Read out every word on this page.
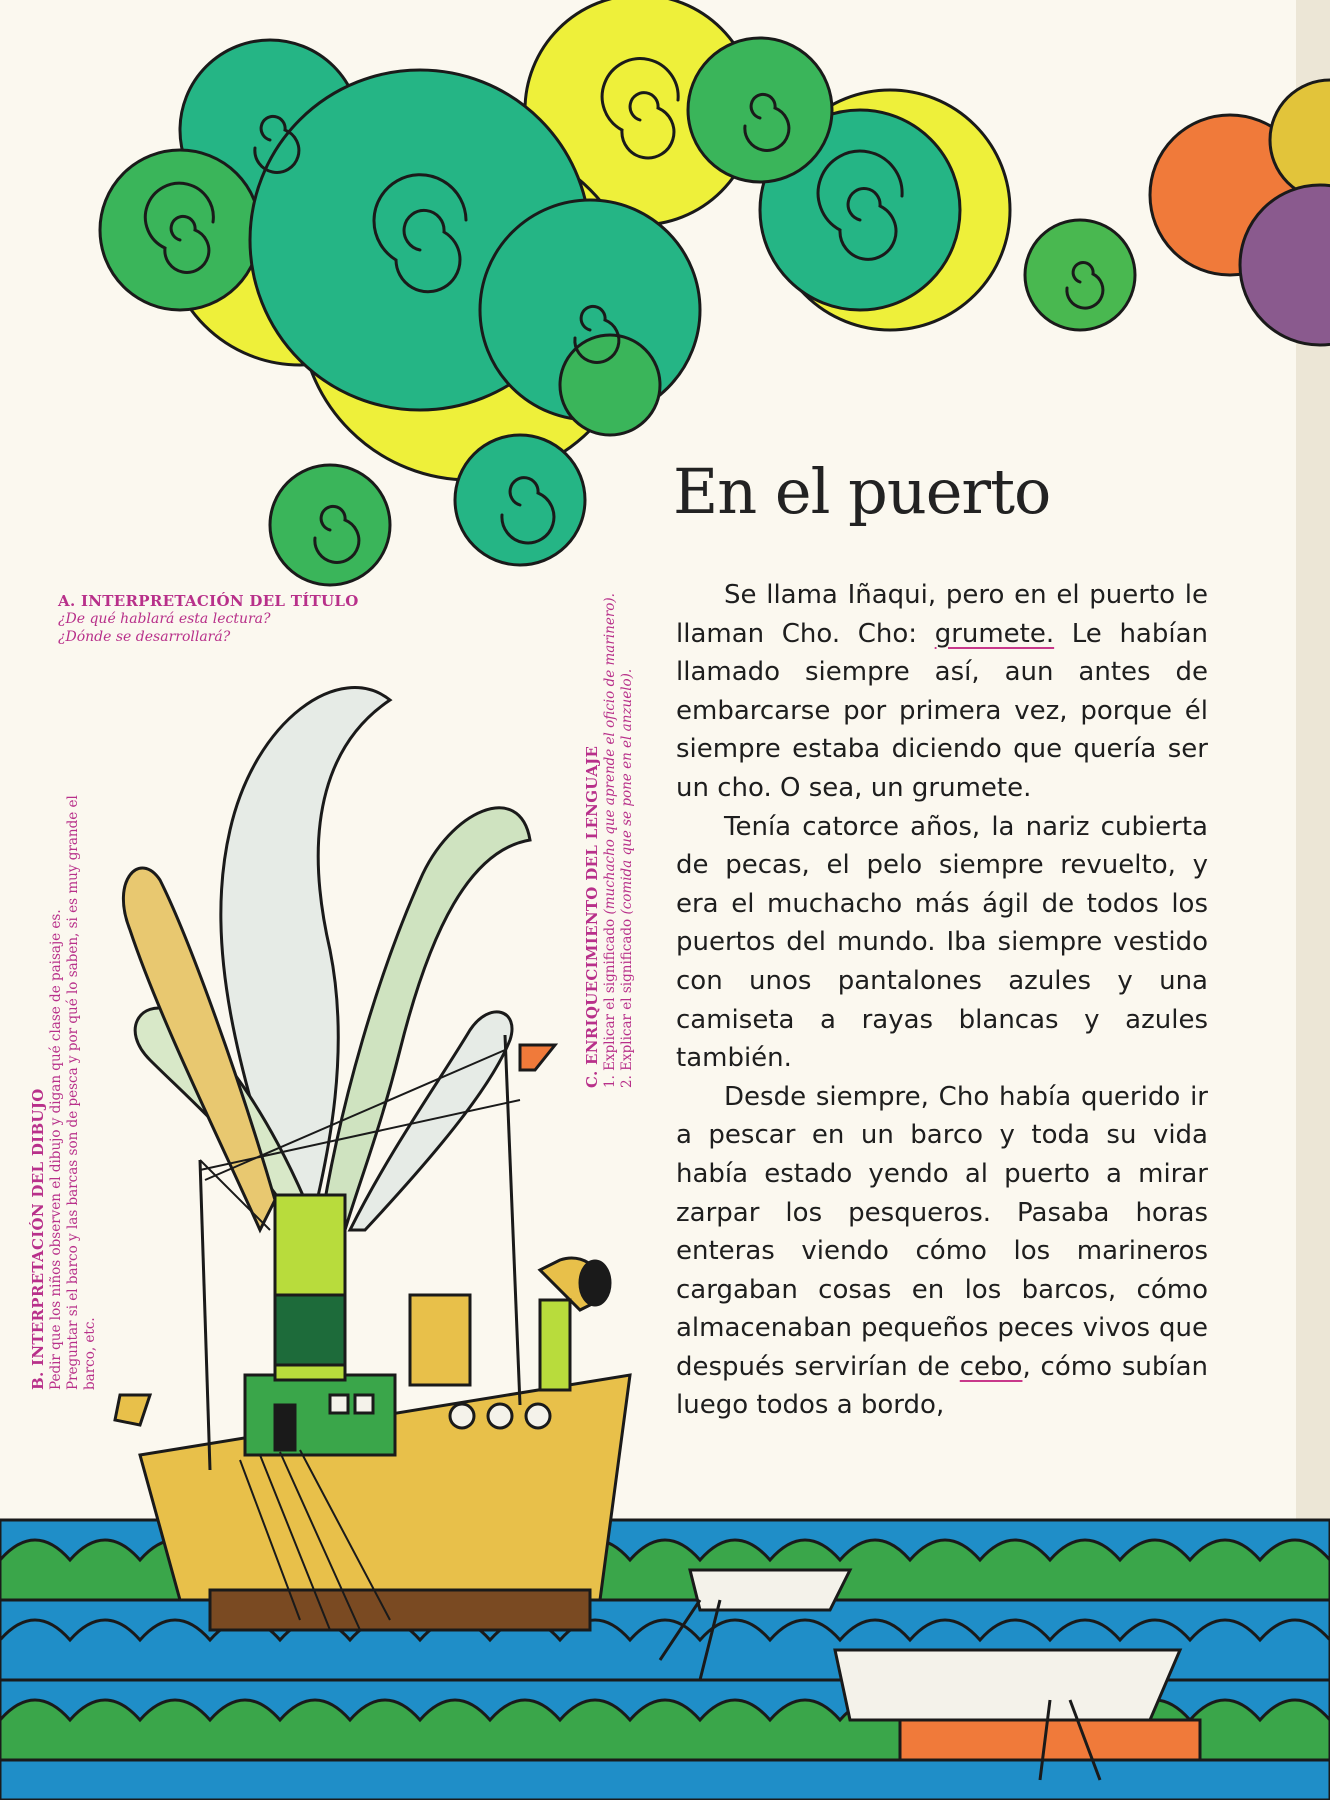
En el puerto

Se llama Iñaqui, pero en el puerto le llaman Cho. Cho: grumete. Le habían llamado siempre así, aun antes de embarcarse por primera vez, porque él siempre estaba diciendo que quería ser un cho. O sea, un grumete.

Tenía catorce años, la nariz cubierta de pecas, el pelo siempre revuelto, y era el muchacho más ágil de todos los puertos del mundo. Iba siempre vestido con unos pantalones azules y una camiseta a rayas blancas y azules también.

Desde siempre, Cho había querido ir a pescar en un barco y toda su vida había estado yendo al puerto a mirar zarpar los pesqueros. Pasaba horas enteras viendo cómo los marineros cargaban cosas en los barcos, cómo almacenaban pequeños peces vivos que después servirían de cebo, cómo subían luego todos a bordo,

A. INTERPRETACIÓN DEL TÍTULO
¿De qué hablará esta lectura?
¿Dónde se desarrollará?
B. INTERPRETACIÓN DEL DIBUJO Pedir que los niños observen el dibujo y digan qué clase de paisaje es. Preguntar si el barco y las barcas son de pesca y por qué lo saben, si es muy grande el barco, etc.
C. ENRIQUECIMIENTO DEL LENGUAJE 1. Explicar el significado (muchacho que aprende el oficio de marinero).
2. Explicar el significado (comida que se pone en el anzuelo).
